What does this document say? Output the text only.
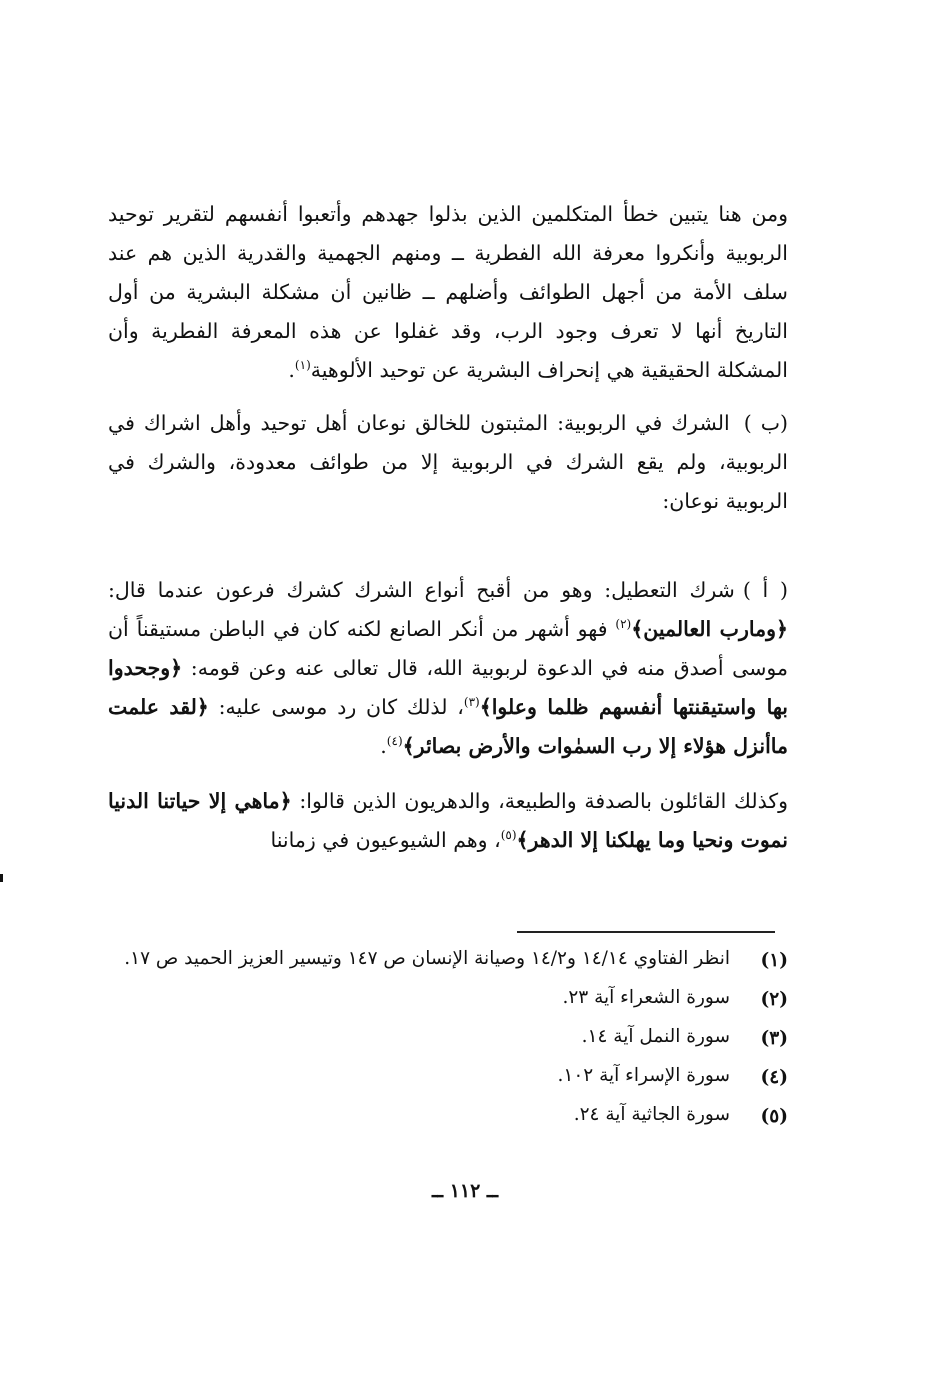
ومن هنا يتبين خطأ المتكلمين الذين بذلوا جهدهم وأتعبوا أنفسهم لتقرير توحيد الربوبية وأنكروا معرفة الله الفطرية ــ ومنهم الجهمية والقدرية الذين هم عند سلف الأمة من أجهل الطوائف وأضلهم ــ ظانين أن مشكلة البشرية من أول التاريخ أنها لا تعرف وجود الرب، وقد غفلوا عن هذه المعرفة الفطرية وأن المشكلة الحقيقية هي إنحراف البشرية عن توحيد الألوهية$^{(١)}$.

(ب )الشرك في الربوبية: المثبتون للخالق نوعان أهل توحيد وأهل اشراك في الربوبية، ولم يقع الشرك في الربوبية إلا من طوائف معدودة، والشرك في الربوبية نوعان:

( أ )شرك التعطيل: وهو من أقبح أنواع الشرك كشرك فرعون عندما قال:﴿ومارب العالمين﴾$^{(٢)}$ فهو أشهر من أنكر الصانع لكنه كان في الباطن مستيقناً أن موسى أصدق منه في الدعوة لربوبية الله، قال تعالى عنه وعن قومه: ﴿وجحدوا بها واستيقنتها أنفسهم ظلما وعلوا﴾$^{(٣)}$، لذلك كان رد موسى عليه: ﴿لقد علمت ماأنزل هؤلاء إلا رب السمٰوات والأرض بصائر﴾$^{(٤)}$.

وكذلك القائلون بالصدفة والطبيعة، والدهريون الذين قالوا: ﴿ماهي إلا حياتنا الدنيا نموت ونحيا وما يهلكنا إلا الدهر﴾$^{(٥)}$، وهم الشيوعيون في زماننا

(١)
انظر الفتاوي ١٤/١٤ و١٤/٢ وصيانة الإنسان ص ١٤٧ وتيسير العزيز الحميد ص ١٧.
(٢)
سورة الشعراء آية ٢٣.
(٣)
سورة النمل آية ١٤.
(٤)
سورة الإسراء آية ١٠٢.
(٥)
سورة الجاثية آية ٢٤.
ــ ١١٢ ــ
